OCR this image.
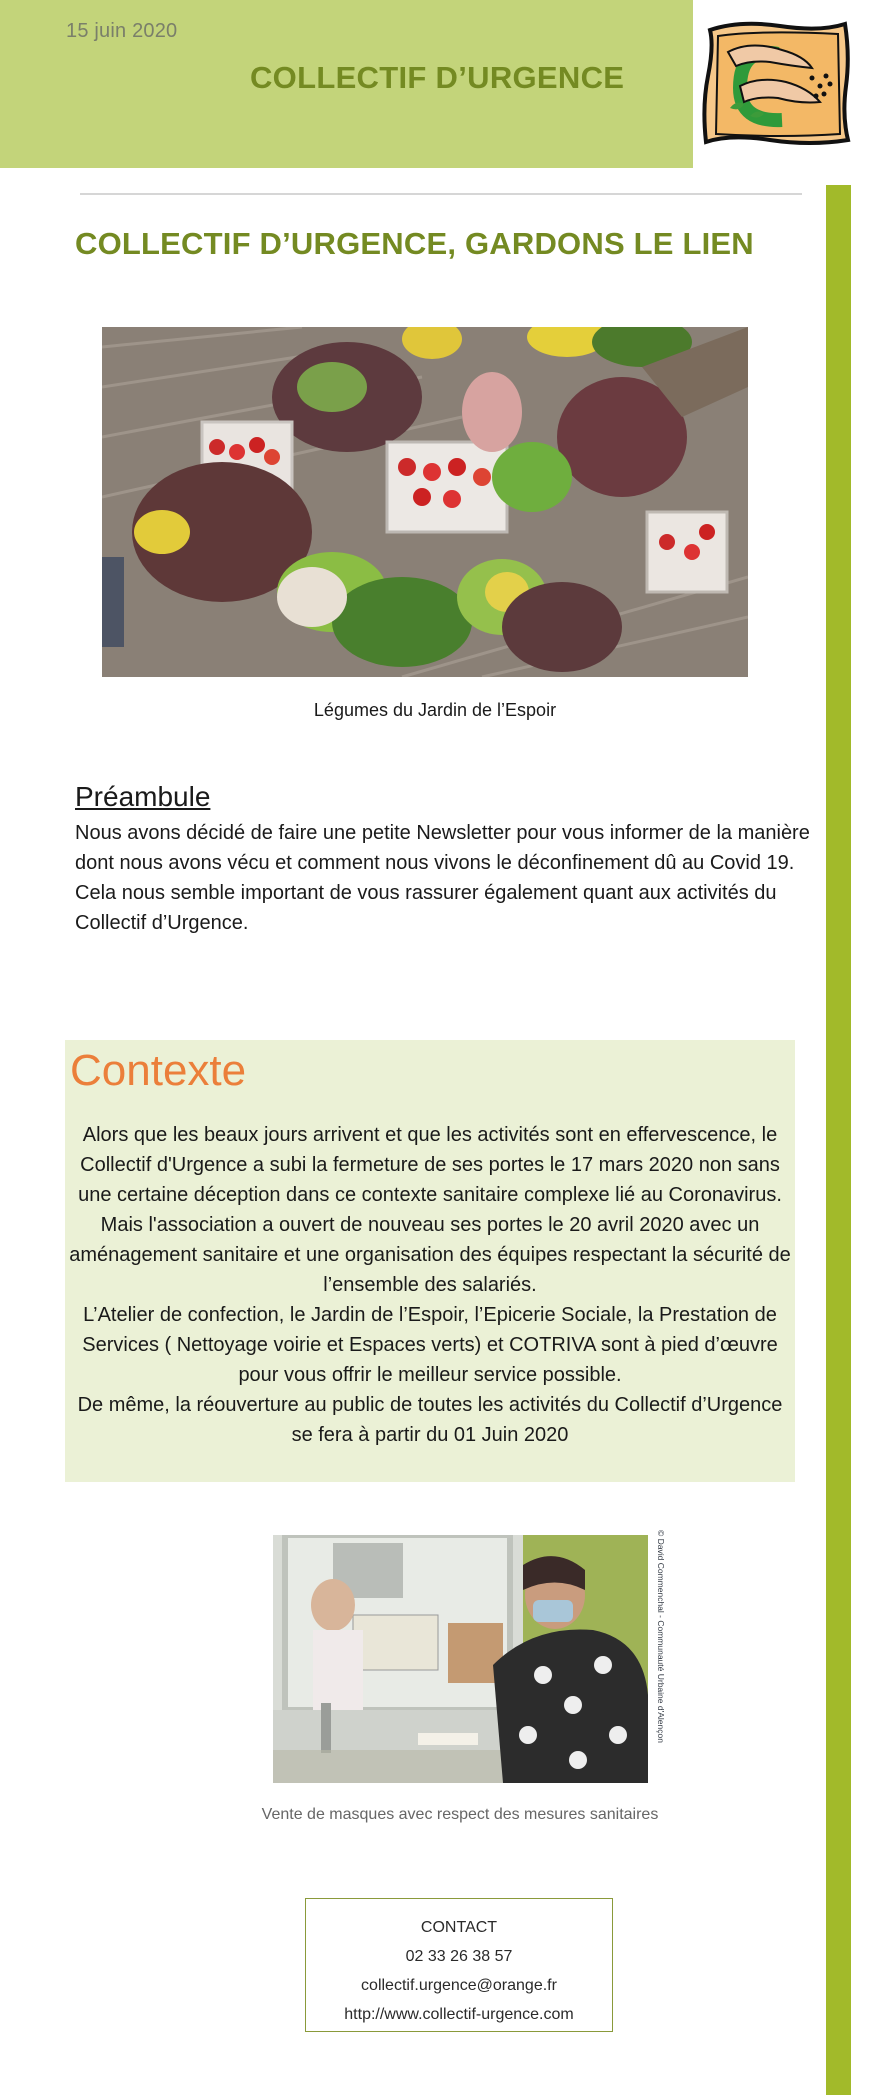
15 juin 2020
COLLECTIF D’URGENCE
COLLECTIF D’URGENCE, GARDONS LE LIEN
Légumes du Jardin de l’Espoir
Préambule

Nous avons décidé de faire une petite Newsletter pour vous informer de la manière dont nous avons vécu et comment nous vivons le déconfinement dû au Covid 19.

Cela nous semble important de vous rassurer également quant aux activités du Collectif d’Urgence.

Contexte

Alors que les beaux jours arrivent et que les activités sont en effervescence, le Collectif d'Urgence a subi la fermeture de ses portes le 17 mars 2020 non sans une certaine déception dans ce contexte sanitaire complexe lié au Coronavirus.

Mais l'association a ouvert de nouveau ses portes le 20 avril 2020 avec un aménagement sanitaire et une organisation des équipes respectant la sécurité de l’ensemble des salariés.

L’Atelier de confection, le Jardin de l’Espoir, l’Epicerie Sociale, la Prestation de Services ( Nettoyage voirie et Espaces verts) et COTRIVA sont à pied d’œuvre pour vous offrir le meilleur service possible.

De même, la réouverture au public de toutes les activités du Collectif d’Urgence se fera à partir du 01 Juin 2020

© David Commenchal - Communauté Urbaine d'Alençon
Vente de masques avec respect des mesures sanitaires
CONTACT
02 33 26 38 57
collectif.urgence@orange.fr
http://www.collectif-urgence.com
